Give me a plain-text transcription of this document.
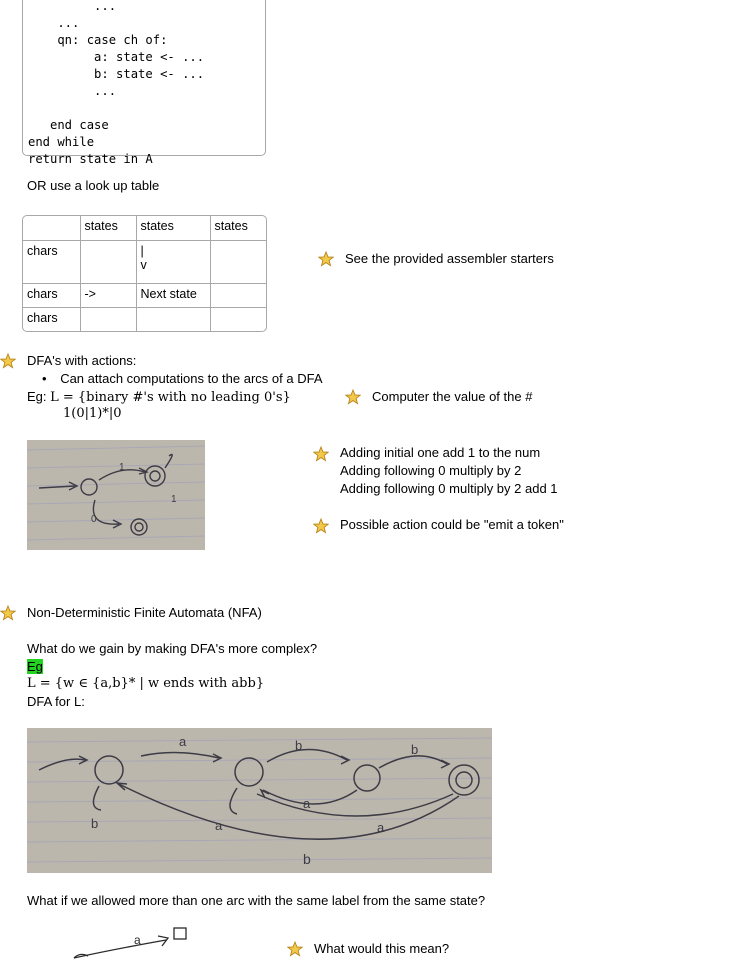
...
...
qn: case ch of:
a: state <- ...
b: state <- ...
...

end case
end while
return state in A
OR use a look up table
	states	states	states
chars		|
v	

chars	->	Next state	
chars			
See the provided assembler starters
DFA's with actions:
• Can attach computations to the arcs of a DFA
Eg: L = {binary #'s with no leading 0's}
1(0|1)*|0
Computer the value of the #
1
0
1
Adding initial one add 1 to the num
Adding following 0 multiply by 2
Adding following 0 multiply by 2 add 1
Possible action could be "emit a token"
Non-Deterministic Finite Automata (NFA)
What do we gain by making DFA's more complex?
Eg
L = {w ∈ {a,b}* | w ends with abb}
DFA for L:
a	b	b
b	a
a
a
b
What if we allowed more than one arc with the same label from the same state?
a
What would this mean?
